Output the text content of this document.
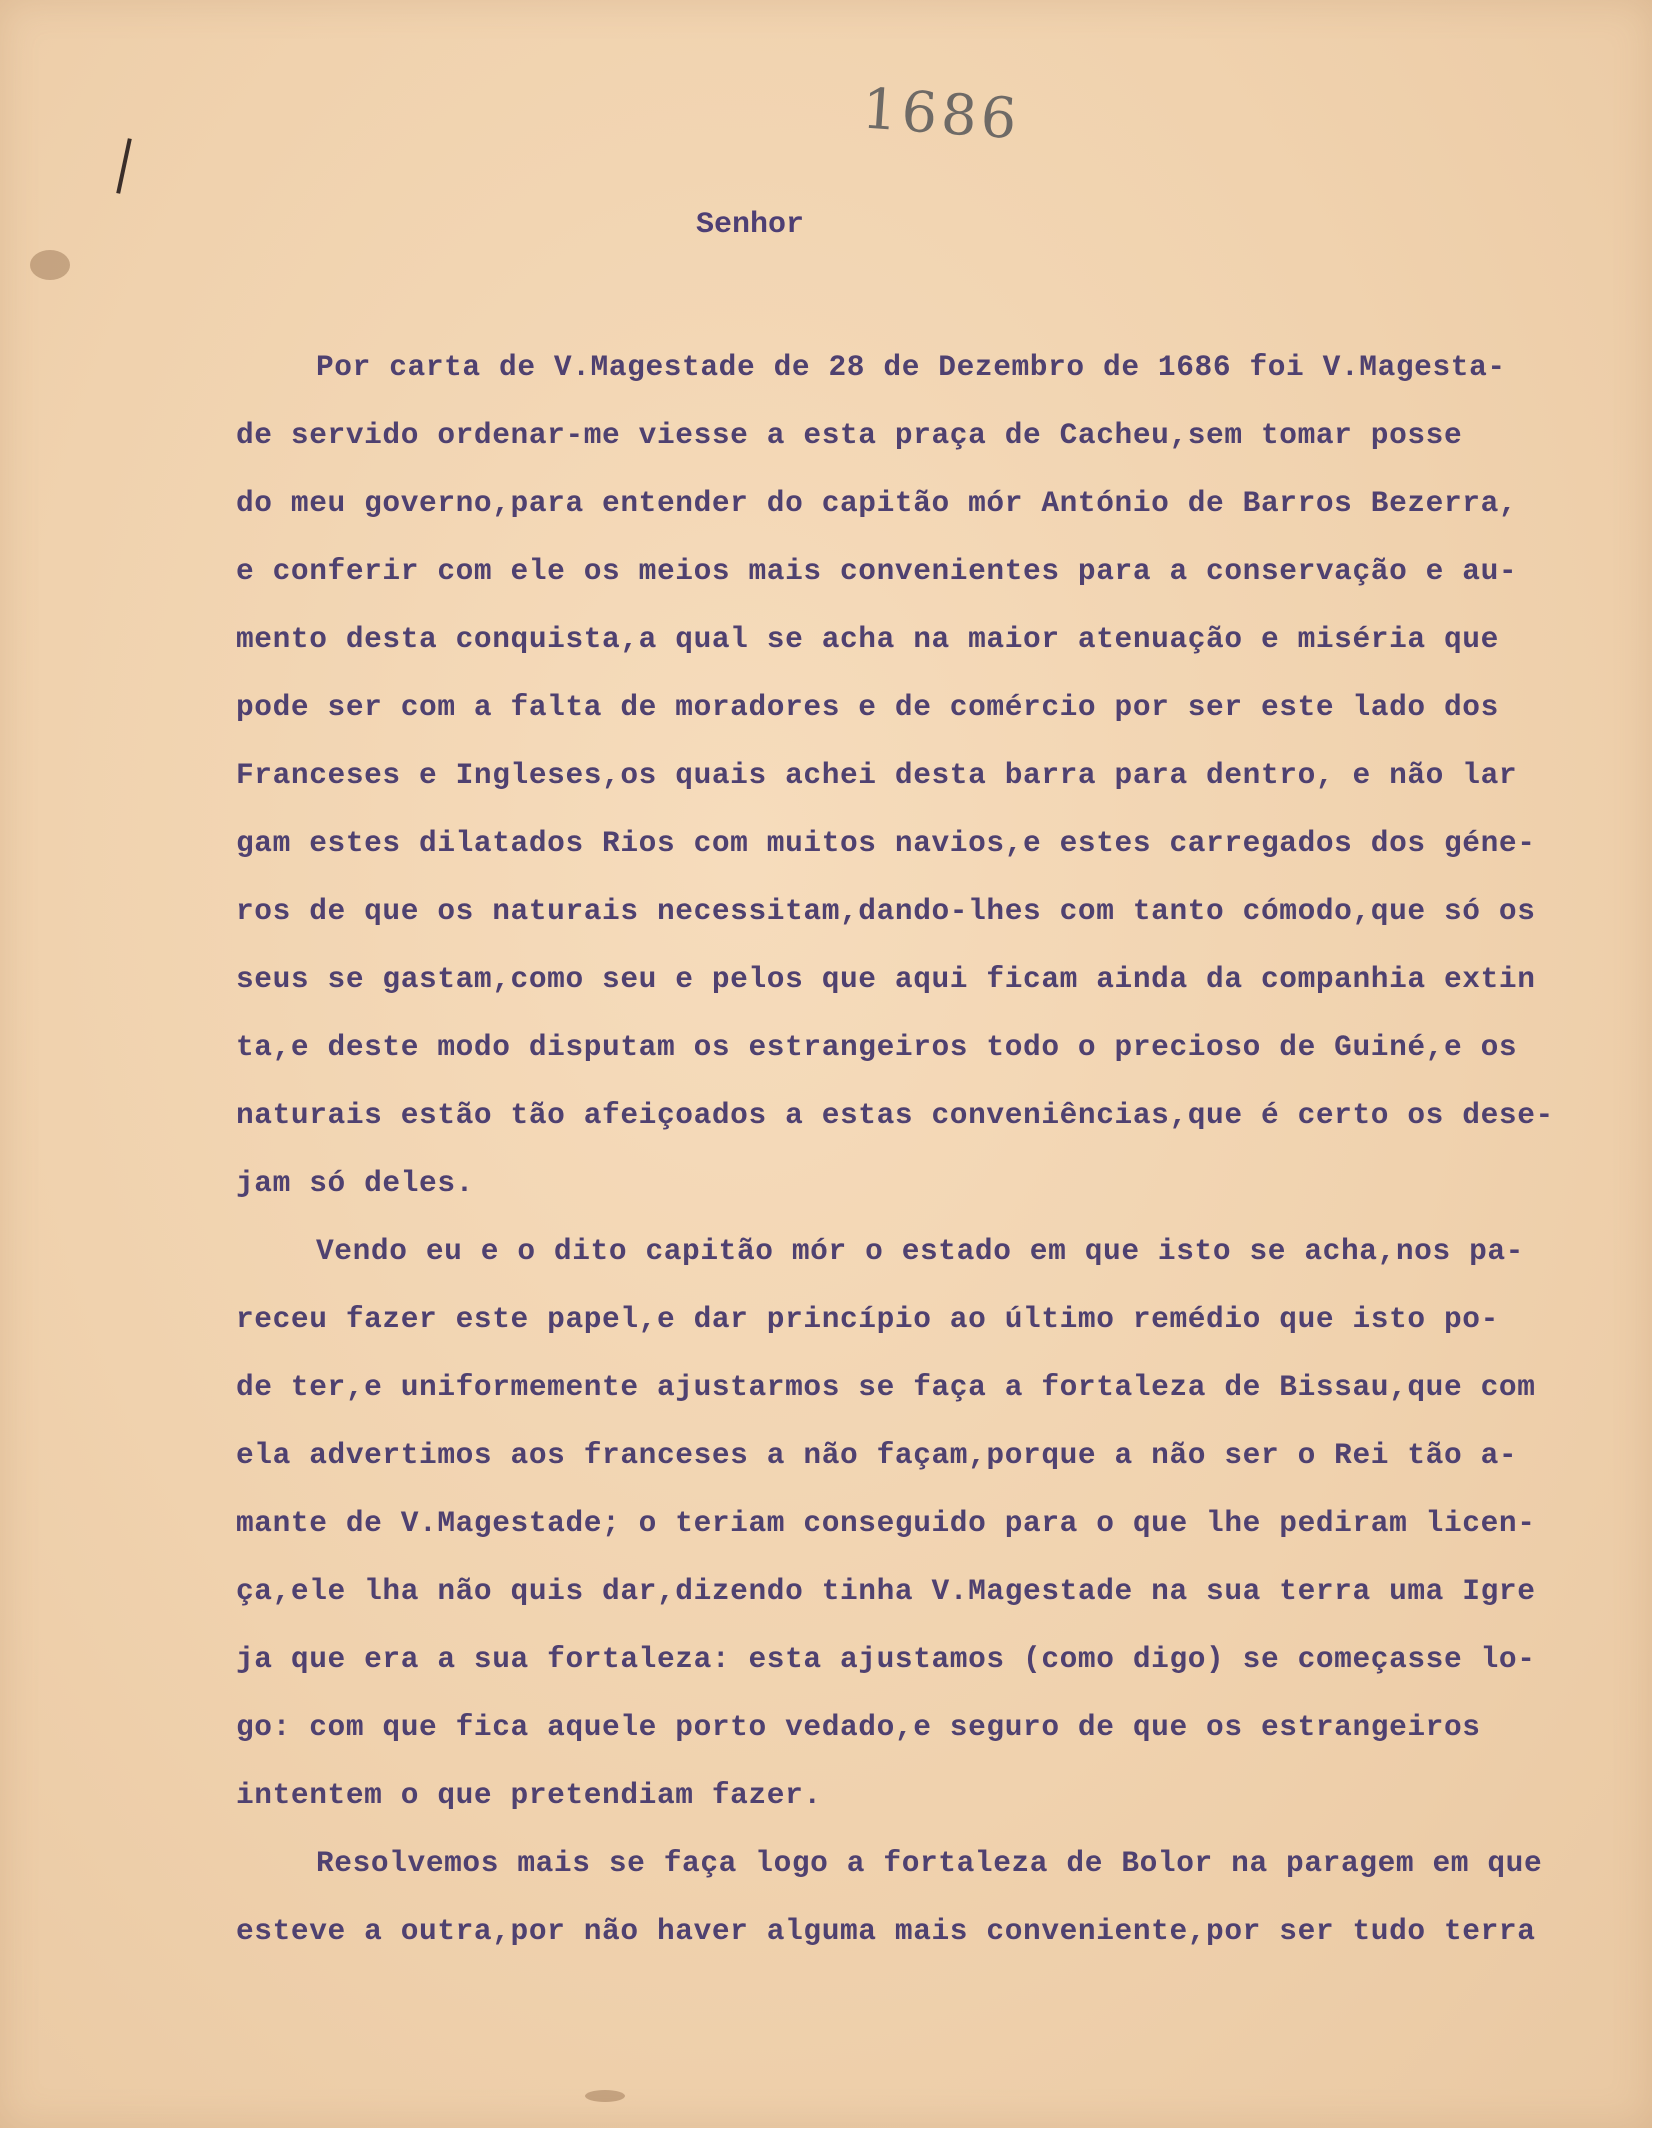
1686
Senhor
Por carta de V.Magestade de 28 de Dezembro de 1686 foi V.Magesta-
de servido ordenar-me viesse a esta praça de Cacheu,sem tomar posse
do meu governo,para entender do capitão mór António de Barros Bezerra,
e conferir com ele os meios mais convenientes para a conservação e au-
mento desta conquista,a qual se acha na maior atenuação e miséria que
pode ser com a falta de moradores e de comércio por ser este lado dos
Franceses e Ingleses,os quais achei desta barra para dentro, e não lar
gam estes dilatados Rios com muitos navios,e estes carregados dos géne-
ros de que os naturais necessitam,dando-lhes com tanto cómodo,que só os
seus se gastam,como seu e pelos que aqui ficam ainda da companhia extin
ta,e deste modo disputam os estrangeiros todo o precioso de Guiné,e os
naturais estão tão afeiçoados a estas conveniências,que é certo os dese-
jam só deles.
Vendo eu e o dito capitão mór o estado em que isto se acha,nos pa-
receu fazer este papel,e dar princípio ao último remédio que isto po-
de ter,e uniformemente ajustarmos se faça a fortaleza de Bissau,que com
ela advertimos aos franceses a não façam,porque a não ser o Rei tão a-
mante de V.Magestade; o teriam conseguido para o que lhe pediram licen-
ça,ele lha não quis dar,dizendo tinha V.Magestade na sua terra uma Igre
ja que era a sua fortaleza: esta ajustamos (como digo) se começasse lo-
go: com que fica aquele porto vedado,e seguro de que os estrangeiros
intentem o que pretendiam fazer.
Resolvemos mais se faça logo a fortaleza de Bolor na paragem em que
esteve a outra,por não haver alguma mais conveniente,por ser tudo terra
